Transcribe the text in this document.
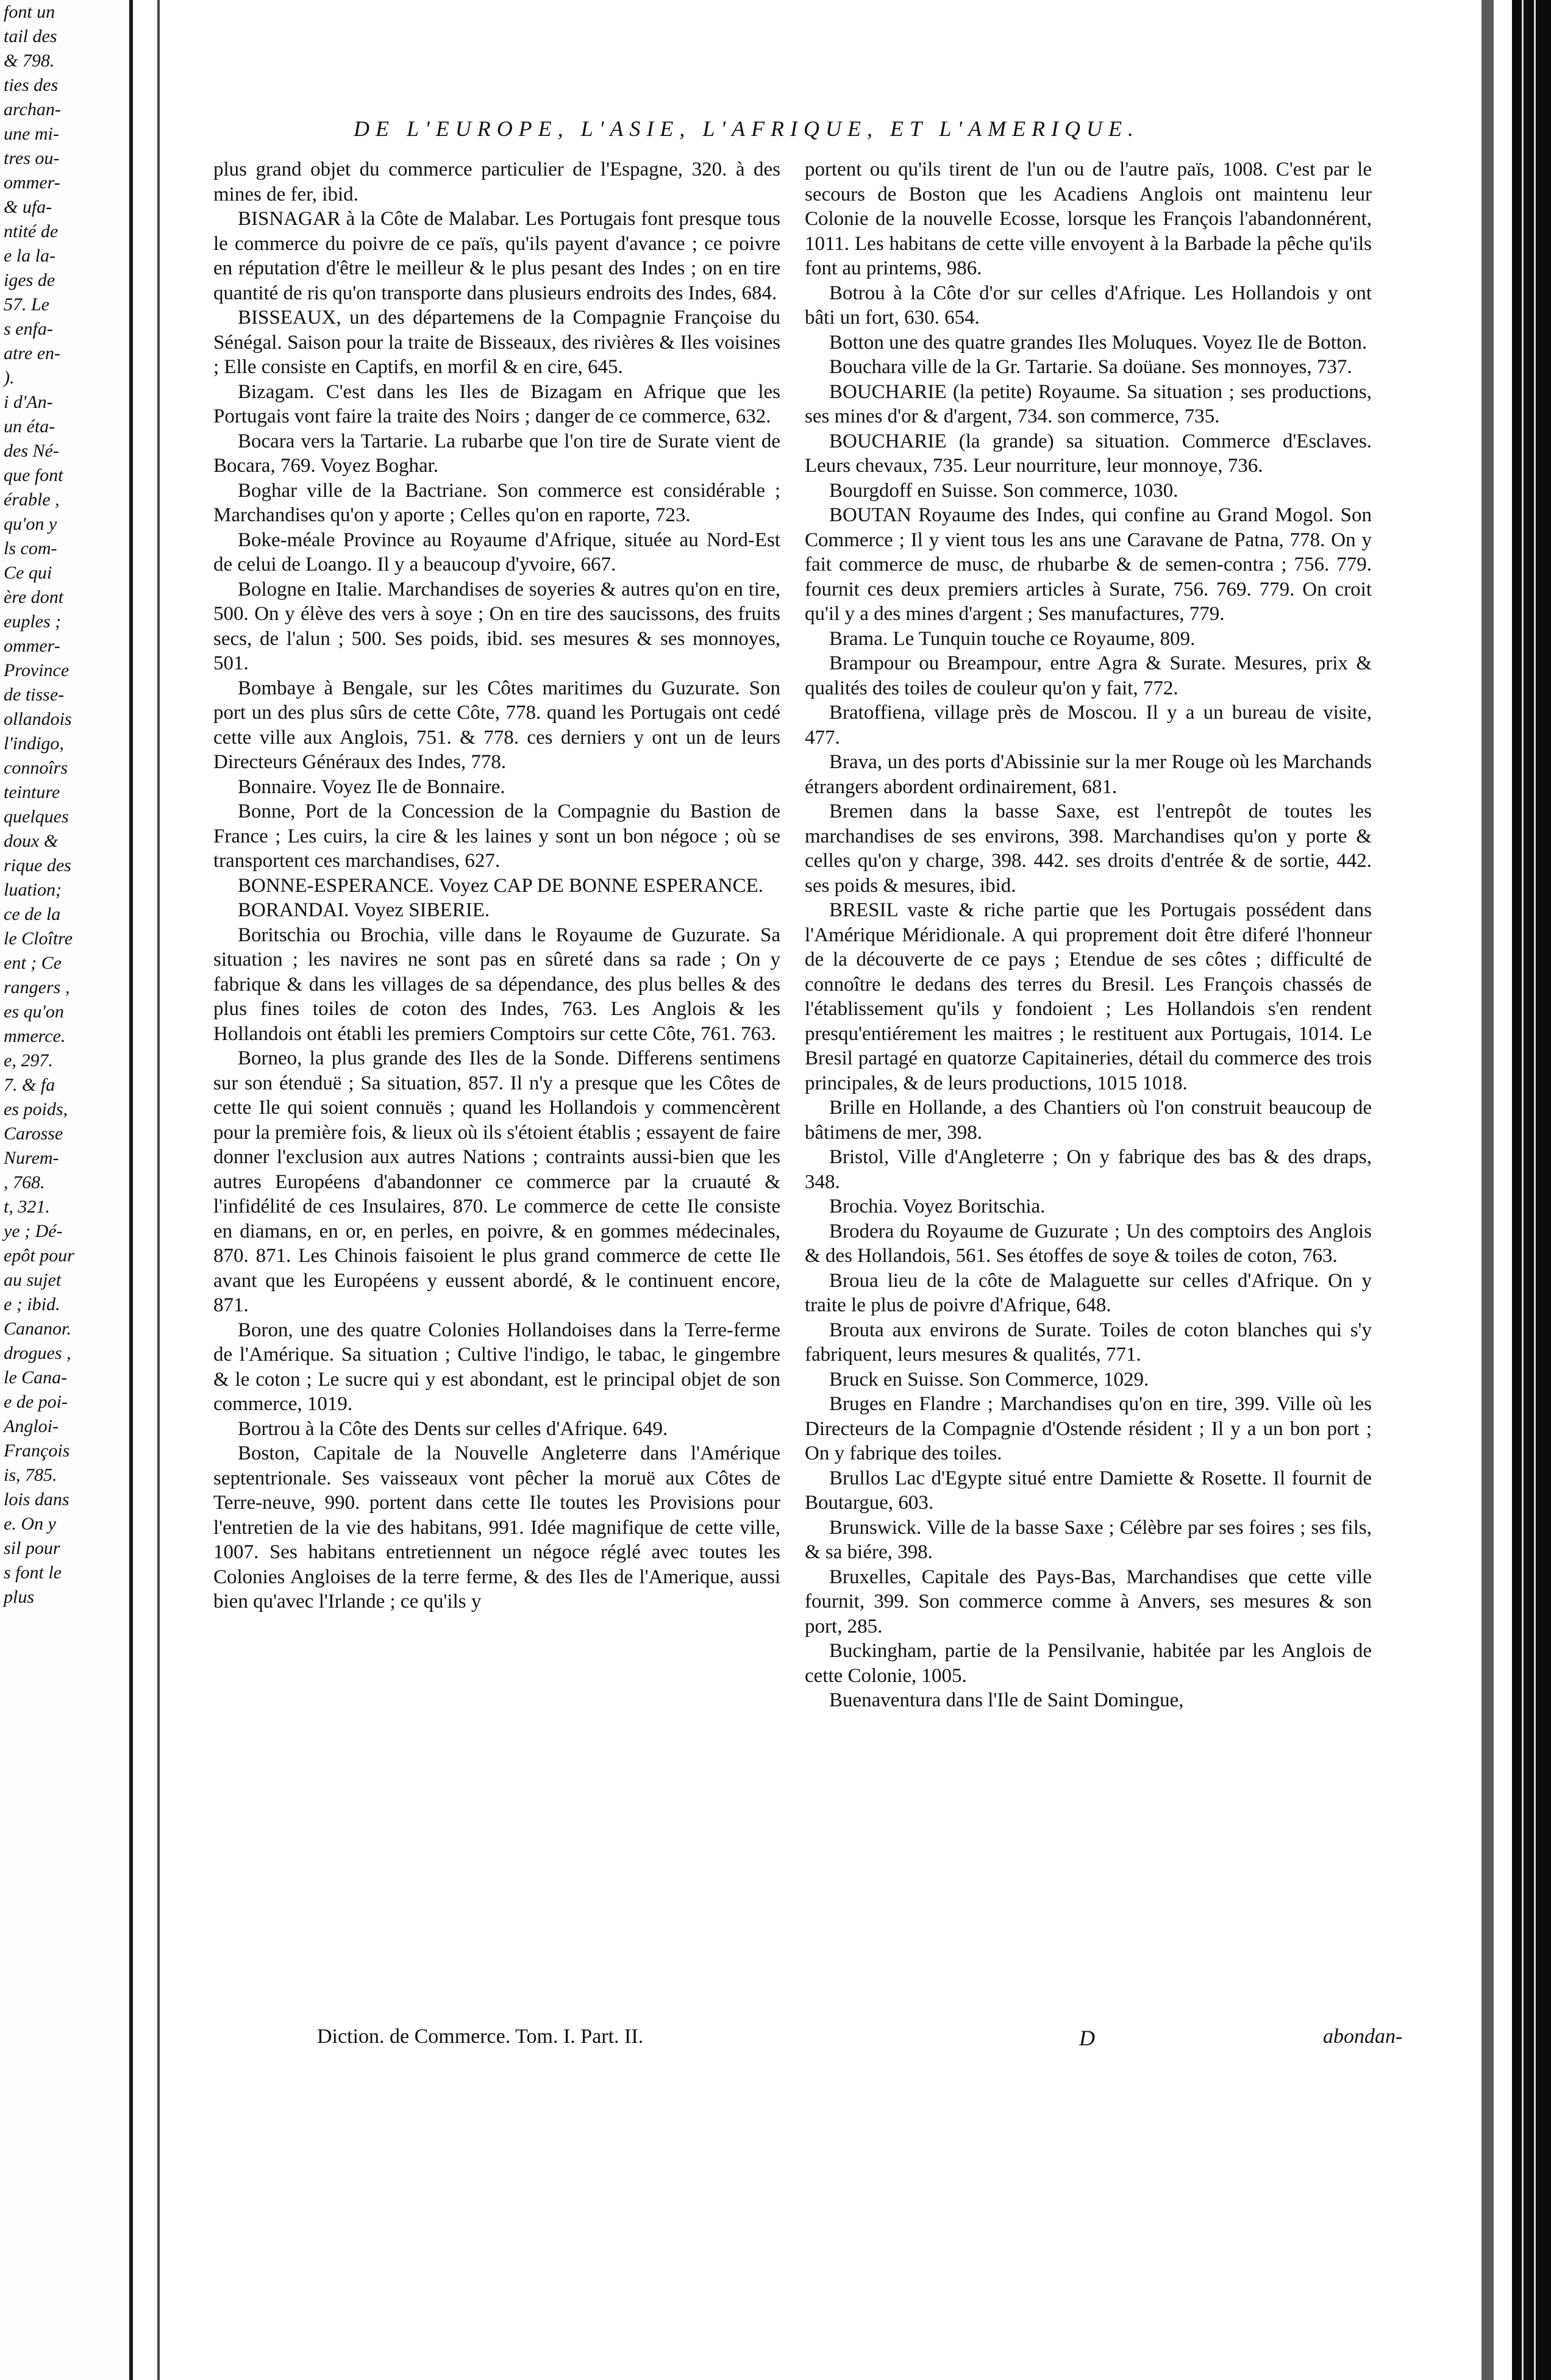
font un
tail des
& 798.
ties des
archan-
une mi-
tres ou-
ommer-
& ufa-
ntité de
e la la-
iges de
57. Le
s enfa-
atre en-
).
i d'An-
un éta-
des Né-
que font
érable ,
qu'on y
ls com-
Ce qui
ère dont
euples ;
ommer-
Province
de tisse-
ollandois
l'indigo,
connoîrs
teinture
quelques
doux &
rique des
luation;
ce de la
le Cloître
ent ; Ce
rangers ,
es qu'on
mmerce.
e, 297.
7. & fa
es poids,
Carosse
Nurem-
, 768.
t, 321.
ye ; Dé-
epôt pour
au sujet
e ; ibid.
Cananor.
drogues ,
le Cana-
e de poi-
Angloi-
François
is, 785.
lois dans
e. On y
sil pour
s font le
plus
DE L'EUROPE, L'ASIE, L'AFRIQUE, ET L'AMERIQUE.
plus grand objet du commerce particulier de l'Espagne, 320. à des mines de fer, ibid.
BISNAGAR à la Côte de Malabar. Les Portugais font presque tous le commerce du poivre de ce païs, qu'ils payent d'avance ; ce poivre en réputation d'être le meilleur & le plus pesant des Indes ; on en tire quantité de ris qu'on transporte dans plusieurs endroits des Indes, 684.
BISSEAUX, un des départemens de la Compagnie Françoise du Sénégal. Saison pour la traite de Bisseaux, des rivières & Iles voisines ; Elle consiste en Captifs, en morfil & en cire, 645.
Bizagam. C'est dans les Iles de Bizagam en Afrique que les Portugais vont faire la traite des Noirs ; danger de ce commerce, 632.
Bocara vers la Tartarie. La rubarbe que l'on tire de Surate vient de Bocara, 769. Voyez Boghar.
Boghar ville de la Bactriane. Son commerce est considérable ; Marchandises qu'on y aporte ; Celles qu'on en raporte, 723.
Boke-méale Province au Royaume d'Afrique, située au Nord-Est de celui de Loango. Il y a beaucoup d'yvoire, 667.
Bologne en Italie. Marchandises de soyeries & autres qu'on en tire, 500. On y élève des vers à soye ; On en tire des saucissons, des fruits secs, de l'alun ; 500. Ses poids, ibid. ses mesures & ses monnoyes, 501.
Bombaye à Bengale, sur les Côtes maritimes du Guzurate. Son port un des plus sûrs de cette Côte, 778. quand les Portugais ont cedé cette ville aux Anglois, 751. & 778. ces derniers y ont un de leurs Directeurs Généraux des Indes, 778.
Bonnaire. Voyez Ile de Bonnaire.
Bonne, Port de la Concession de la Compagnie du Bastion de France ; Les cuirs, la cire & les laines y sont un bon négoce ; où se transportent ces marchandises, 627.
BONNE-ESPERANCE. Voyez CAP DE BONNE ESPERANCE.
BORANDAI. Voyez SIBERIE.
Boritschia ou Brochia, ville dans le Royaume de Guzurate. Sa situation ; les navires ne sont pas en sûreté dans sa rade ; On y fabrique & dans les villages de sa dépendance, des plus belles & des plus fines toiles de coton des Indes, 763. Les Anglois & les Hollandois ont établi les premiers Comptoirs sur cette Côte, 761. 763.
Borneo, la plus grande des Iles de la Sonde. Differens sentimens sur son étenduë ; Sa situation, 857. Il n'y a presque que les Côtes de cette Ile qui soient connuës ; quand les Hollandois y commencèrent pour la première fois, & lieux où ils s'étoient établis ; essayent de faire donner l'exclusion aux autres Nations ; contraints aussi-bien que les autres Européens d'abandonner ce commerce par la cruauté & l'infidélité de ces Insulaires, 870. Le commerce de cette Ile consiste en diamans, en or, en perles, en poivre, & en gommes médecinales, 870. 871. Les Chinois faisoient le plus grand commerce de cette Ile avant que les Européens y eussent abordé, & le continuent encore, 871.
Boron, une des quatre Colonies Hollandoises dans la Terre-ferme de l'Amérique. Sa situation ; Cultive l'indigo, le tabac, le gingembre & le coton ; Le sucre qui y est abondant, est le principal objet de son commerce, 1019.
Bortrou à la Côte des Dents sur celles d'Afrique. 649.
Boston, Capitale de la Nouvelle Angleterre dans l'Amérique septentrionale. Ses vaisseaux vont pêcher la moruë aux Côtes de Terre-neuve, 990. portent dans cette Ile toutes les Provisions pour l'entretien de la vie des habitans, 991. Idée magnifique de cette ville, 1007. Ses habitans entretiennent un négoce réglé avec toutes les Colonies Angloises de la terre ferme, & des Iles de l'Amerique, aussi bien qu'avec l'Irlande ; ce qu'ils y
portent ou qu'ils tirent de l'un ou de l'autre païs, 1008. C'est par le secours de Boston que les Acadiens Anglois ont maintenu leur Colonie de la nouvelle Ecosse, lorsque les François l'abandonnérent, 1011. Les habitans de cette ville envoyent à la Barbade la pêche qu'ils font au printems, 986.
Botrou à la Côte d'or sur celles d'Afrique. Les Hollandois y ont bâti un fort, 630. 654.
Botton une des quatre grandes Iles Moluques. Voyez Ile de Botton.
Bouchara ville de la Gr. Tartarie. Sa doüane. Ses monnoyes, 737.
BOUCHARIE (la petite) Royaume. Sa situation ; ses productions, ses mines d'or & d'argent, 734. son commerce, 735.
BOUCHARIE (la grande) sa situation. Commerce d'Esclaves. Leurs chevaux, 735. Leur nourriture, leur monnoye, 736.
Bourgdoff en Suisse. Son commerce, 1030.
BOUTAN Royaume des Indes, qui confine au Grand Mogol. Son Commerce ; Il y vient tous les ans une Caravane de Patna, 778. On y fait commerce de musc, de rhubarbe & de semen-contra ; 756. 779. fournit ces deux premiers articles à Surate, 756. 769. 779. On croit qu'il y a des mines d'argent ; Ses manufactures, 779.
Brama. Le Tunquin touche ce Royaume, 809.
Brampour ou Breampour, entre Agra & Surate. Mesures, prix & qualités des toiles de couleur qu'on y fait, 772.
Bratoffiena, village près de Moscou. Il y a un bureau de visite, 477.
Brava, un des ports d'Abissinie sur la mer Rouge où les Marchands étrangers abordent ordinairement, 681.
Bremen dans la basse Saxe, est l'entrepôt de toutes les marchandises de ses environs, 398. Marchandises qu'on y porte & celles qu'on y charge, 398. 442. ses droits d'entrée & de sortie, 442. ses poids & mesures, ibid.
BRESIL vaste & riche partie que les Portugais possédent dans l'Amérique Méridionale. A qui proprement doit être diferé l'honneur de la découverte de ce pays ; Etendue de ses côtes ; difficulté de connoître le dedans des terres du Bresil. Les François chassés de l'établissement qu'ils y fondoient ; Les Hollandois s'en rendent presqu'entiérement les maitres ; le restituent aux Portugais, 1014. Le Bresil partagé en quatorze Capitaineries, détail du commerce des trois principales, & de leurs productions, 1015 1018.
Brille en Hollande, a des Chantiers où l'on construit beaucoup de bâtimens de mer, 398.
Bristol, Ville d'Angleterre ; On y fabrique des bas & des draps, 348.
Brochia. Voyez Boritschia.
Brodera du Royaume de Guzurate ; Un des comptoirs des Anglois & des Hollandois, 561. Ses étoffes de soye & toiles de coton, 763.
Broua lieu de la côte de Malaguette sur celles d'Afrique. On y traite le plus de poivre d'Afrique, 648.
Brouta aux environs de Surate. Toiles de coton blanches qui s'y fabriquent, leurs mesures & qualités, 771.
Bruck en Suisse. Son Commerce, 1029.
Bruges en Flandre ; Marchandises qu'on en tire, 399. Ville où les Directeurs de la Compagnie d'Ostende résident ; Il y a un bon port ; On y fabrique des toiles.
Brullos Lac d'Egypte situé entre Damiette & Rosette. Il fournit de Boutargue, 603.
Brunswick. Ville de la basse Saxe ; Célèbre par ses foires ; ses fils, & sa biére, 398.
Bruxelles, Capitale des Pays-Bas, Marchandises que cette ville fournit, 399. Son commerce comme à Anvers, ses mesures & son port, 285.
Buckingham, partie de la Pensilvanie, habitée par les Anglois de cette Colonie, 1005.
Buenaventura dans l'Ile de Saint Domingue,
Diction. de Commerce. Tom. I. Part. II.	D	abondan-
